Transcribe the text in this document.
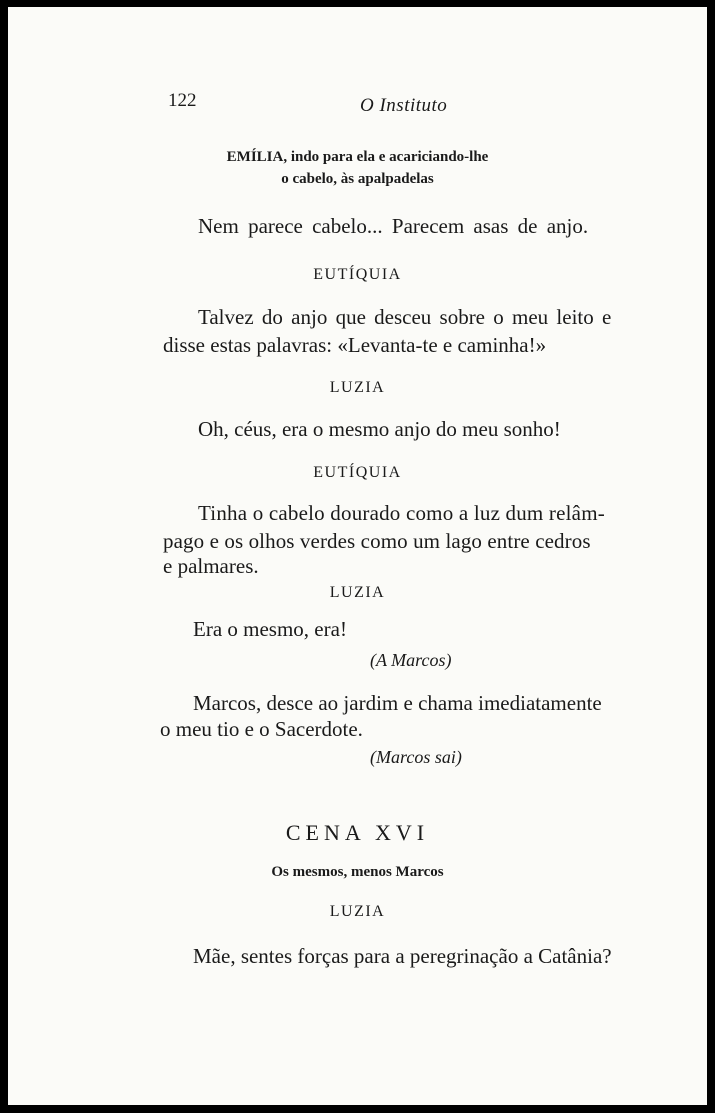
122	O Instituto
EMÍLIA, indo para ela e acariciando-lhe
o cabelo, às apalpadelas
Nem parece cabelo... Parecem asas de anjo.
EUTÍQUIA
Talvez do anjo que desceu sobre o meu leito e
disse estas palavras: «Levanta-te e caminha!»
LUZIA
Oh, céus, era o mesmo anjo do meu sonho!
EUTÍQUIA
Tinha o cabelo dourado como a luz dum relâm-
pago e os olhos verdes como um lago entre cedros
e palmares.
LUZIA
Era o mesmo, era!
(A Marcos)
Marcos, desce ao jardim e chama imediatamente
o meu tio e o Sacerdote.
(Marcos sai)
CENA XVI
Os mesmos, menos Marcos
LUZIA
Mãe, sentes forças para a peregrinação a Catânia?
